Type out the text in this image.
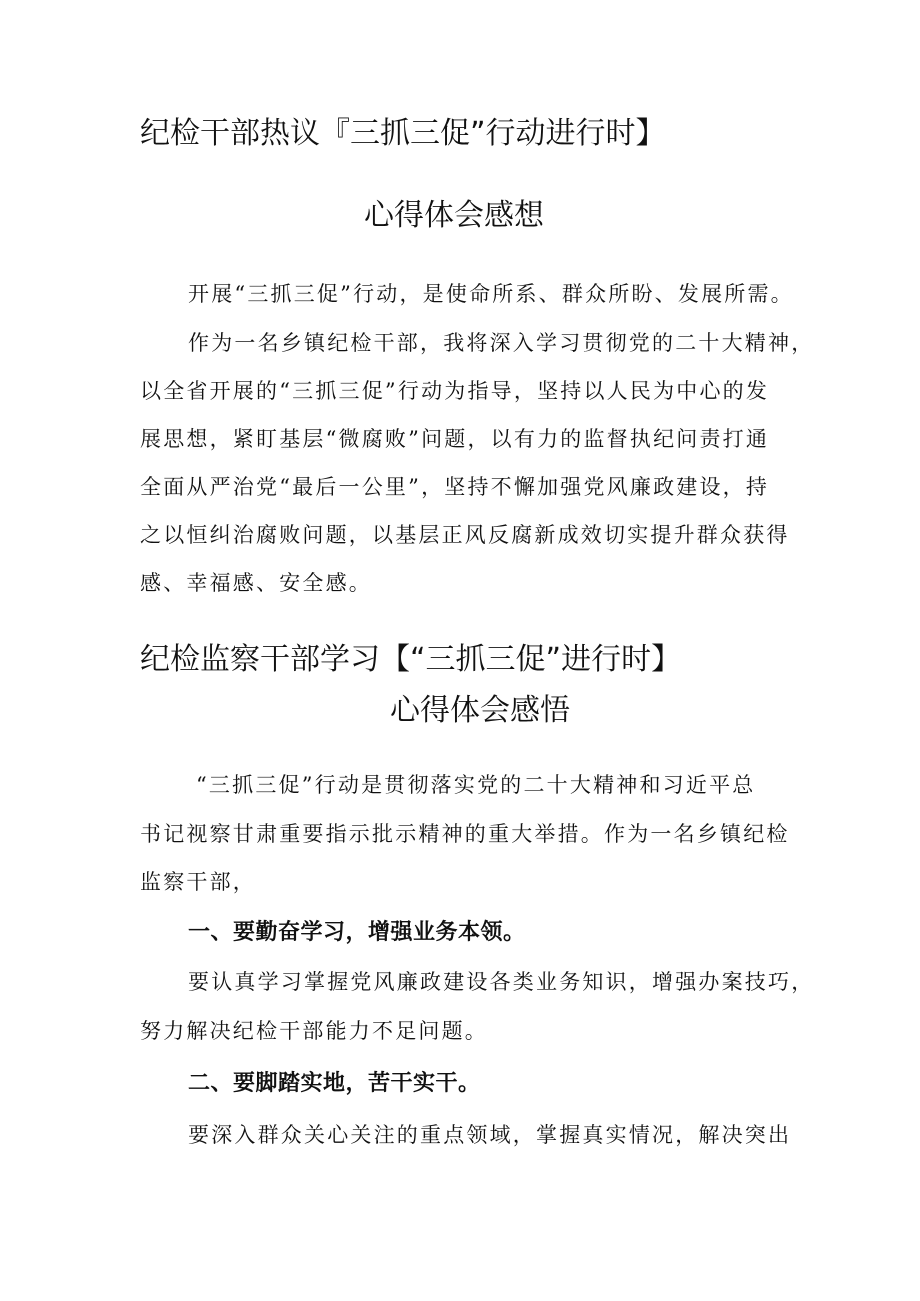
纪检干部热议『三抓三促”行动进行时】
心得体会感想
开展“三抓三促”行动，是使命所系、群众所盼、发展所需。
作为一名乡镇纪检干部，我将深入学习贯彻党的二十大精神，
以全省开展的“三抓三促”行动为指导，坚持以人民为中心的发
展思想，紧盯基层“微腐败”问题，以有力的监督执纪问责打通
全面从严治党“最后一公里”，坚持不懈加强党风廉政建设，持
之以恒纠治腐败问题，以基层正风反腐新成效切实提升群众获得
感、幸福感、安全感。
纪检监察干部学习【“三抓三促”进行时】
心得体会感悟
“三抓三促”行动是贯彻落实党的二十大精神和习近平总
书记视察甘肃重要指示批示精神的重大举措。作为一名乡镇纪检
监察干部，
一、要勤奋学习，增强业务本领。
要认真学习掌握党风廉政建设各类业务知识，增强办案技巧，
努力解决纪检干部能力不足问题。
二、要脚踏实地，苦干实干。
要深入群众关心关注的重点领域，掌握真实情况，解决突出
